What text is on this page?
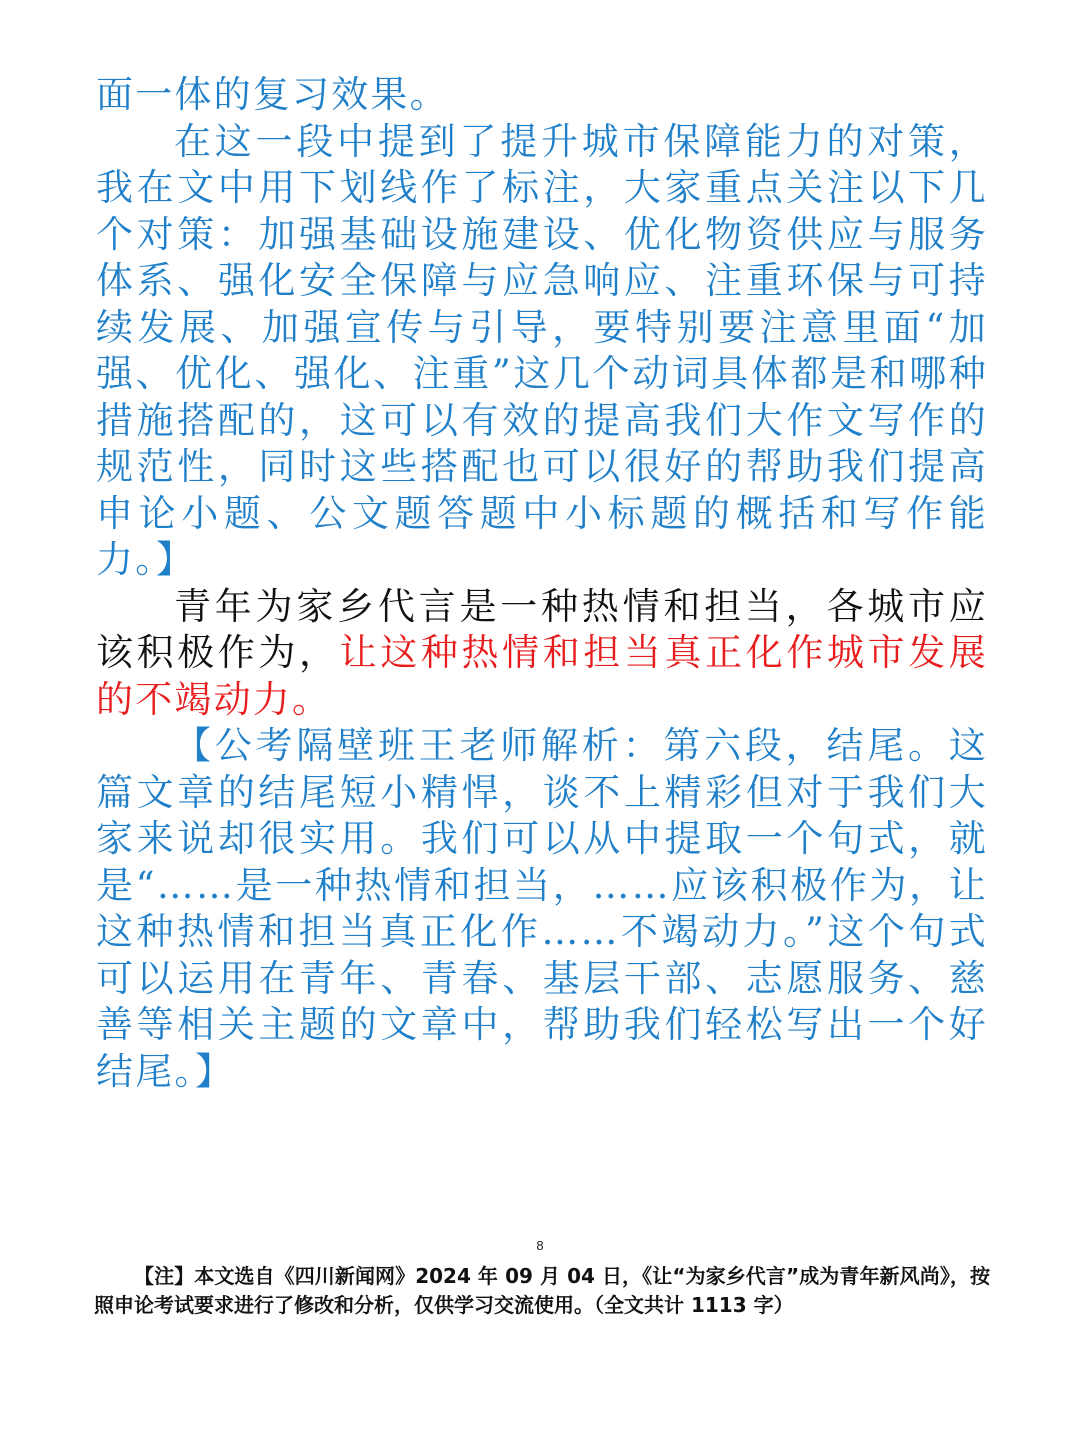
面一体的复习效果。

在这一段中提到了提升城市保障能力的对策，我在文中用下划线作了标注，大家重点关注以下几个对策：加强基础设施建设、优化物资供应与服务体系、强化安全保障与应急响应、注重环保与可持续发展、加强宣传与引导，要特别要注意里面“加强、优化、强化、注重”这几个动词具体都是和哪种措施搭配的，这可以有效的提高我们大作文写作的规范性，同时这些搭配也可以很好的帮助我们提高申论小题、公文题答题中小标题的概括和写作能力。】

青年为家乡代言是一种热情和担当，各城市应该积极作为，让这种热情和担当真正化作城市发展的不竭动力。

【公考隔壁班王老师解析：第六段，结尾。这篇文章的结尾短小精悍，谈不上精彩但对于我们大家来说却很实用。我们可以从中提取一个句式，就是“……是一种热情和担当，……应该积极作为，让这种热情和担当真正化作……不竭动力。”这个句式可以运用在青年、青春、基层干部、志愿服务、慈善等相关主题的文章中，帮助我们轻松写出一个好结尾。】

8

【注】本文选自《四川新闻网》2024 年 09 月 04 日，《让“为家乡代言”成为青年新风尚》，按照申论考试要求进行了修改和分析，仅供学习交流使用。（全文共计 1113 字）
